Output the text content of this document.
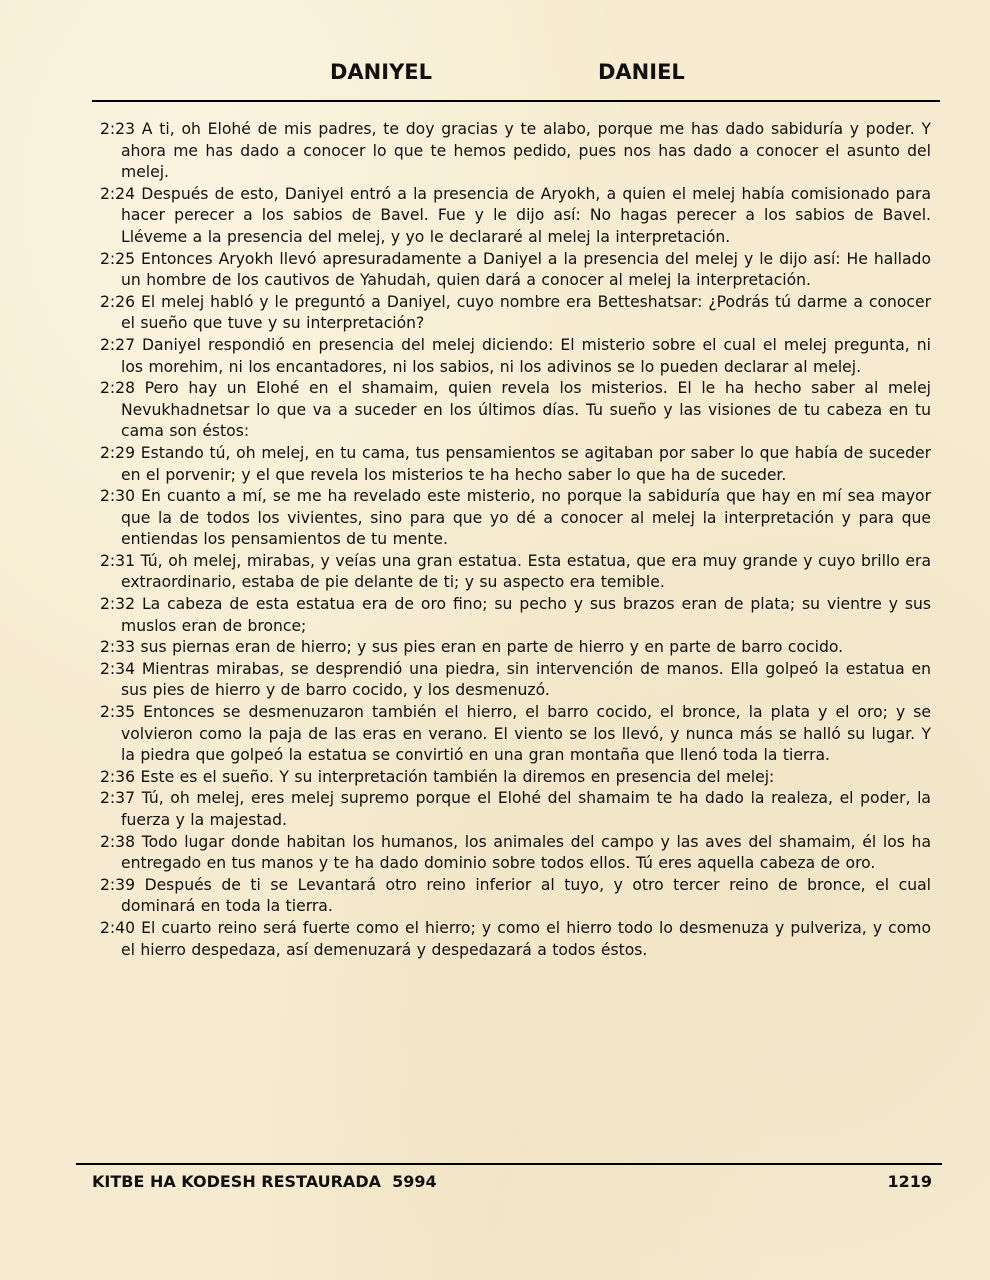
DANIYEL	DANIEL

2:23 A ti, oh Elohé de mis padres, te doy gracias y te alabo, porque me has dado sabiduría y poder. Y ahora me has dado a conocer lo que te hemos pedido, pues nos has dado a conocer el asunto del melej.

2:24 Después de esto, Daniyel entró a la presencia de Aryokh, a quien el melej había comisionado para hacer perecer a los sabios de Bavel. Fue y le dijo así: No hagas perecer a los sabios de Bavel. Lléveme a la presencia del melej, y yo le declararé al melej la interpretación.

2:25 Entonces Aryokh llevó apresuradamente a Daniyel a la presencia del melej y le dijo así: He hallado un hombre de los cautivos de Yahudah, quien dará a conocer al melej la interpretación.

2:26 El melej habló y le preguntó a Daniyel, cuyo nombre era Betteshatsar: ¿Podrás tú darme a conocer el sueño que tuve y su interpretación?

2:27 Daniyel respondió en presencia del melej diciendo: El misterio sobre el cual el melej pregunta, ni los morehim, ni los encantadores, ni los sabios, ni los adivinos se lo pueden declarar al melej.

2:28 Pero hay un Elohé en el shamaim, quien revela los misterios. El le ha hecho saber al melej Nevukhadnetsar lo que va a suceder en los últimos días. Tu sueño y las visiones de tu cabeza en tu cama son éstos:

2:29 Estando tú, oh melej, en tu cama, tus pensamientos se agitaban por saber lo que había de suceder en el porvenir; y el que revela los misterios te ha hecho saber lo que ha de suceder.

2:30 En cuanto a mí, se me ha revelado este misterio, no porque la sabiduría que hay en mí sea mayor que la de todos los vivientes, sino para que yo dé a conocer al melej la interpretación y para que entiendas los pensamientos de tu mente.

2:31 Tú, oh melej, mirabas, y veías una gran estatua. Esta estatua, que era muy grande y cuyo brillo era extraordinario, estaba de pie delante de ti; y su aspecto era temible.

2:32 La cabeza de esta estatua era de oro fino; su pecho y sus brazos eran de plata; su vientre y sus muslos eran de bronce;

2:33 sus piernas eran de hierro; y sus pies eran en parte de hierro y en parte de barro cocido.

2:34 Mientras mirabas, se desprendió una piedra, sin intervención de manos. Ella golpeó la estatua en sus pies de hierro y de barro cocido, y los desmenuzó.

2:35 Entonces se desmenuzaron también el hierro, el barro cocido, el bronce, la plata y el oro; y se volvieron como la paja de las eras en verano. El viento se los llevó, y nunca más se halló su lugar. Y la piedra que golpeó la estatua se convirtió en una gran montaña que llenó toda la tierra.

2:36 Este es el sueño. Y su interpretación también la diremos en presencia del melej:

2:37 Tú, oh melej, eres melej supremo porque el Elohé del shamaim te ha dado la realeza, el poder, la fuerza y la majestad.

2:38 Todo lugar donde habitan los humanos, los animales del campo y las aves del shamaim, él los ha entregado en tus manos y te ha dado dominio sobre todos ellos. Tú eres aquella cabeza de oro.

2:39 Después de ti se Levantará otro reino inferior al tuyo, y otro tercer reino de bronce, el cual dominará en toda la tierra.

2:40 El cuarto reino será fuerte como el hierro; y como el hierro todo lo desmenuza y pulveriza, y como el hierro despedaza, así demenuzará y despedazará a todos éstos.

KITBE HA KODESH RESTAURADA  5994	1219
